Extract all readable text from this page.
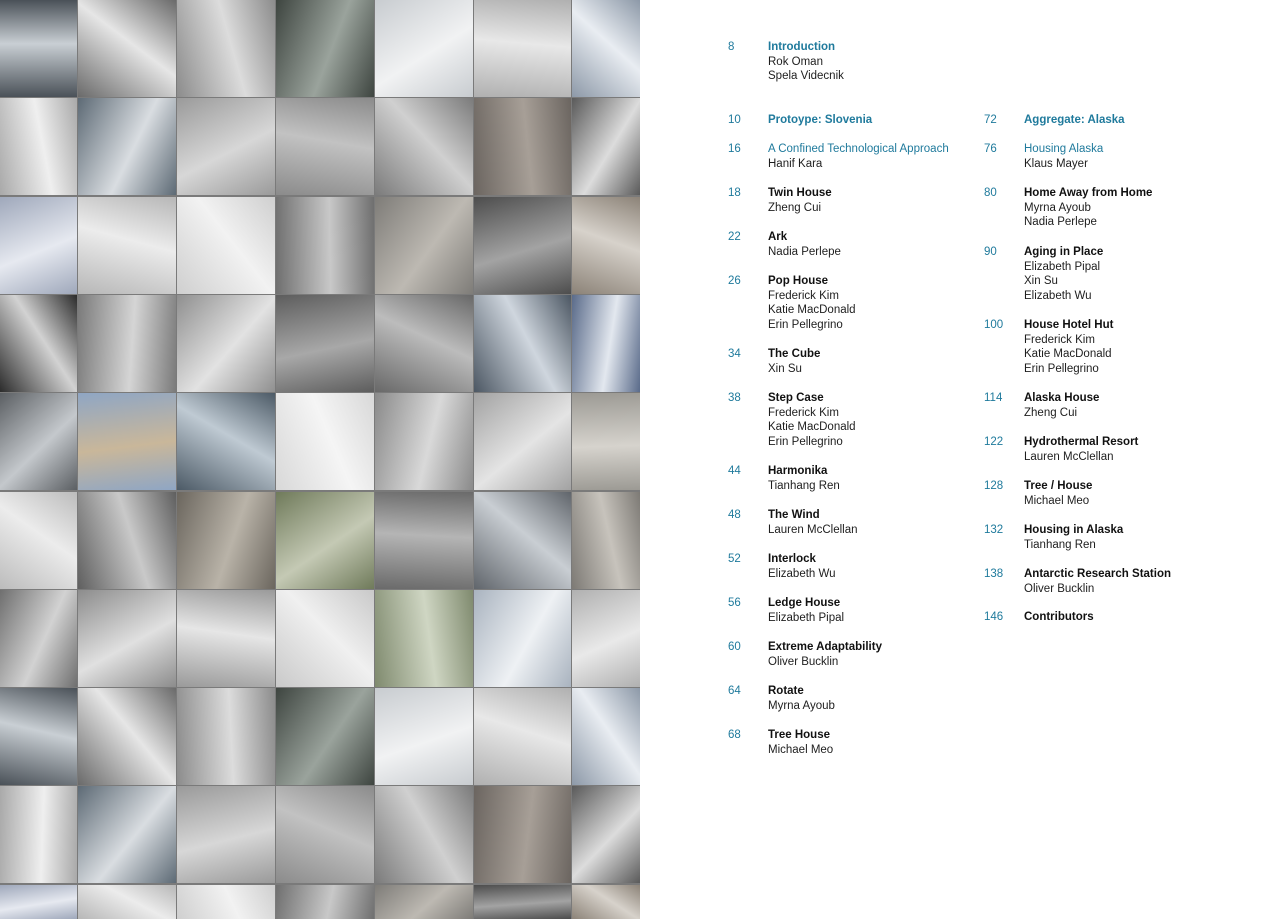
8	Introduction
Rok Oman
Spela Videcnik
10 Protoype: Slovenia
16 A Confined Technological Approach
Hanif Kara
18 Twin House
Zheng Cui
22 Ark
Nadia Perlepe
26 Pop House
Frederick Kim
Katie MacDonald
Erin Pellegrino
34 The Cube
Xin Su
38 Step Case
Frederick Kim
Katie MacDonald
Erin Pellegrino
44 Harmonika
Tianhang Ren
48 The Wind
Lauren McClellan
52 Interlock
Elizabeth Wu
56 Ledge House
Elizabeth Pipal
60 Extreme Adaptability
Oliver Bucklin
64 Rotate
Myrna Ayoub
68 Tree House
Michael Meo
72 Aggregate: Alaska
76 Housing Alaska
Klaus Mayer
80 Home Away from Home
Myrna Ayoub
Nadia Perlepe
90 Aging in Place
Elizabeth Pipal
Xin Su
Elizabeth Wu
100 House Hotel Hut
Frederick Kim
Katie MacDonald
Erin Pellegrino
114 Alaska House
Zheng Cui
122 Hydrothermal Resort
Lauren McClellan
128 Tree / House
Michael Meo
132 Housing in Alaska
Tianhang Ren
138 Antarctic Research Station
Oliver Bucklin
146 Contributors
